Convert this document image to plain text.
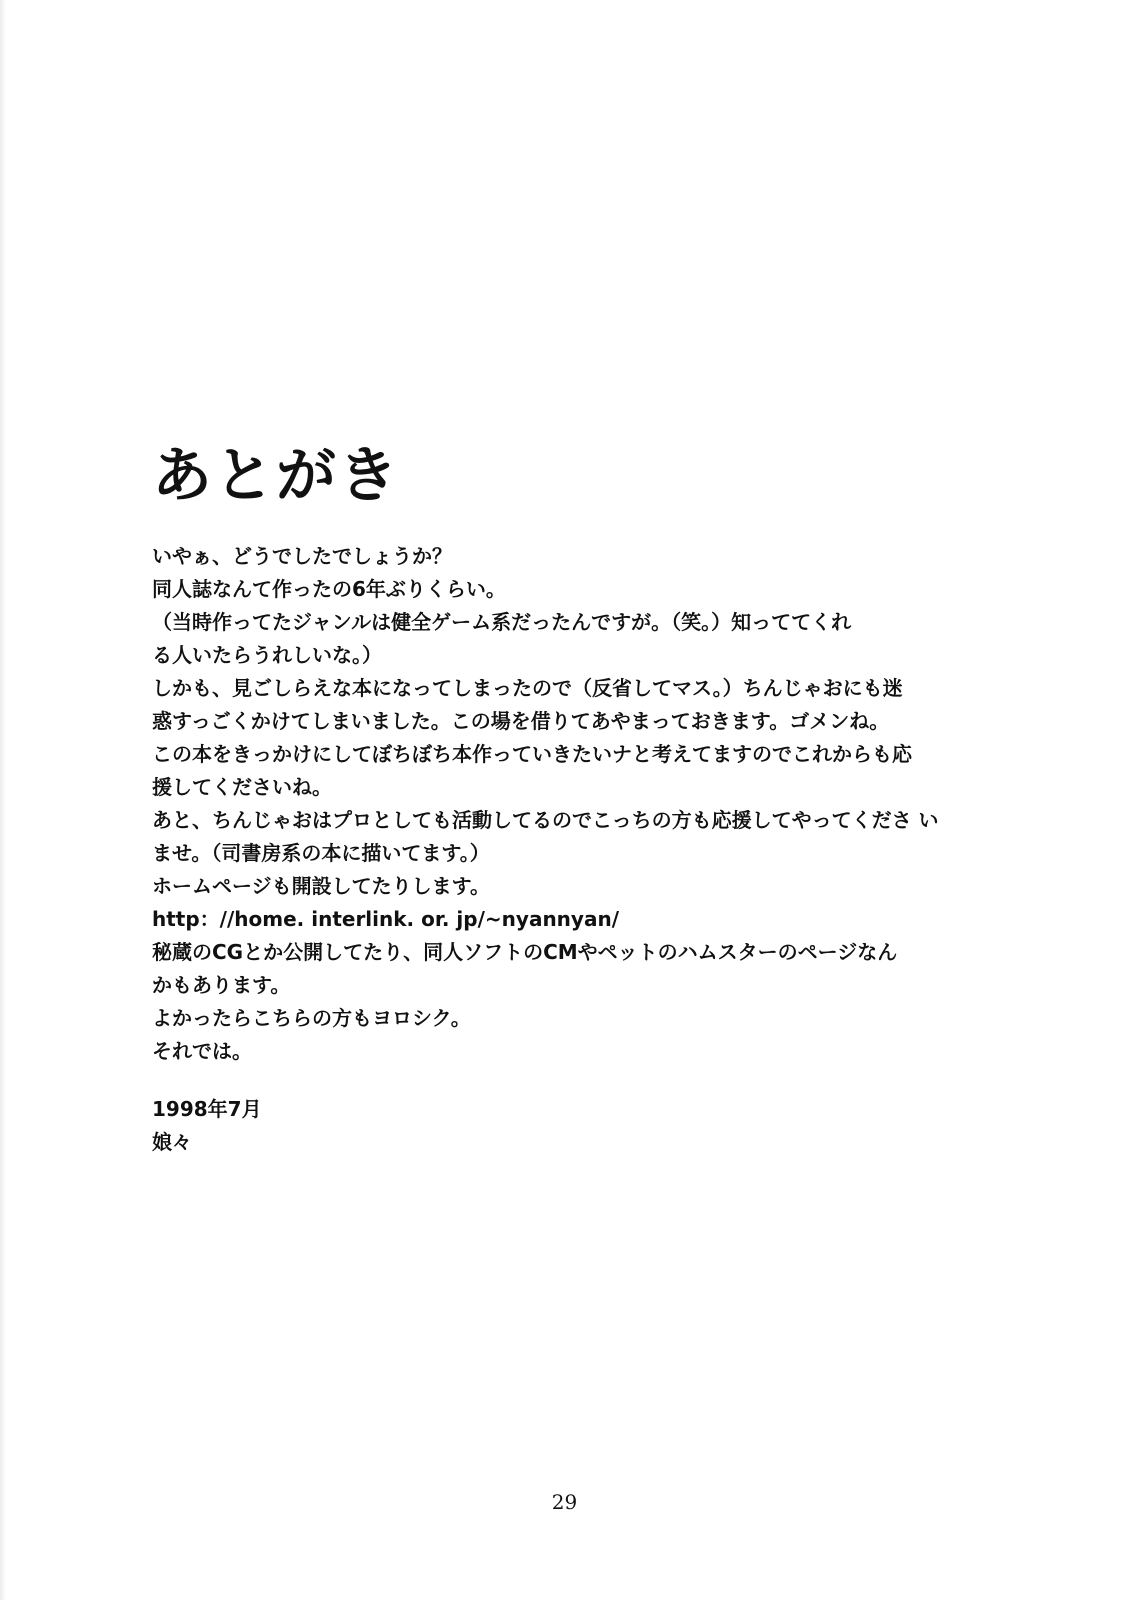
あとがき
いやぁ、どうでしたでしょうか？
同人誌なんて作ったの6年ぶりくらい。
（当時作ってたジャンルは健全ゲーム系だったんですが。（笑。）知っててくれ
る人いたらうれしいな。）
しかも、見ごしらえな本になってしまったので（反省してマス。）ちんじゃおにも迷
惑すっごくかけてしまいました。この場を借りてあやまっておきます。ゴメンね。
この本をきっかけにしてぼちぼち本作っていきたいナと考えてますのでこれからも応
援してくださいね。
あと、ちんじゃおはプロとしても活動してるのでこっちの方も応援してやってくださ い
ませ。（司書房系の本に描いてます。）
ホームページも開設してたりします。
http：//home. interlink. or. jp/~nyannyan/
秘蔵のCGとか公開してたり、同人ソフトのCMやペットのハムスターのページなん
かもあります。
よかったらこちらの方もヨロシク。
それでは。
1998年7月
娘々
29
